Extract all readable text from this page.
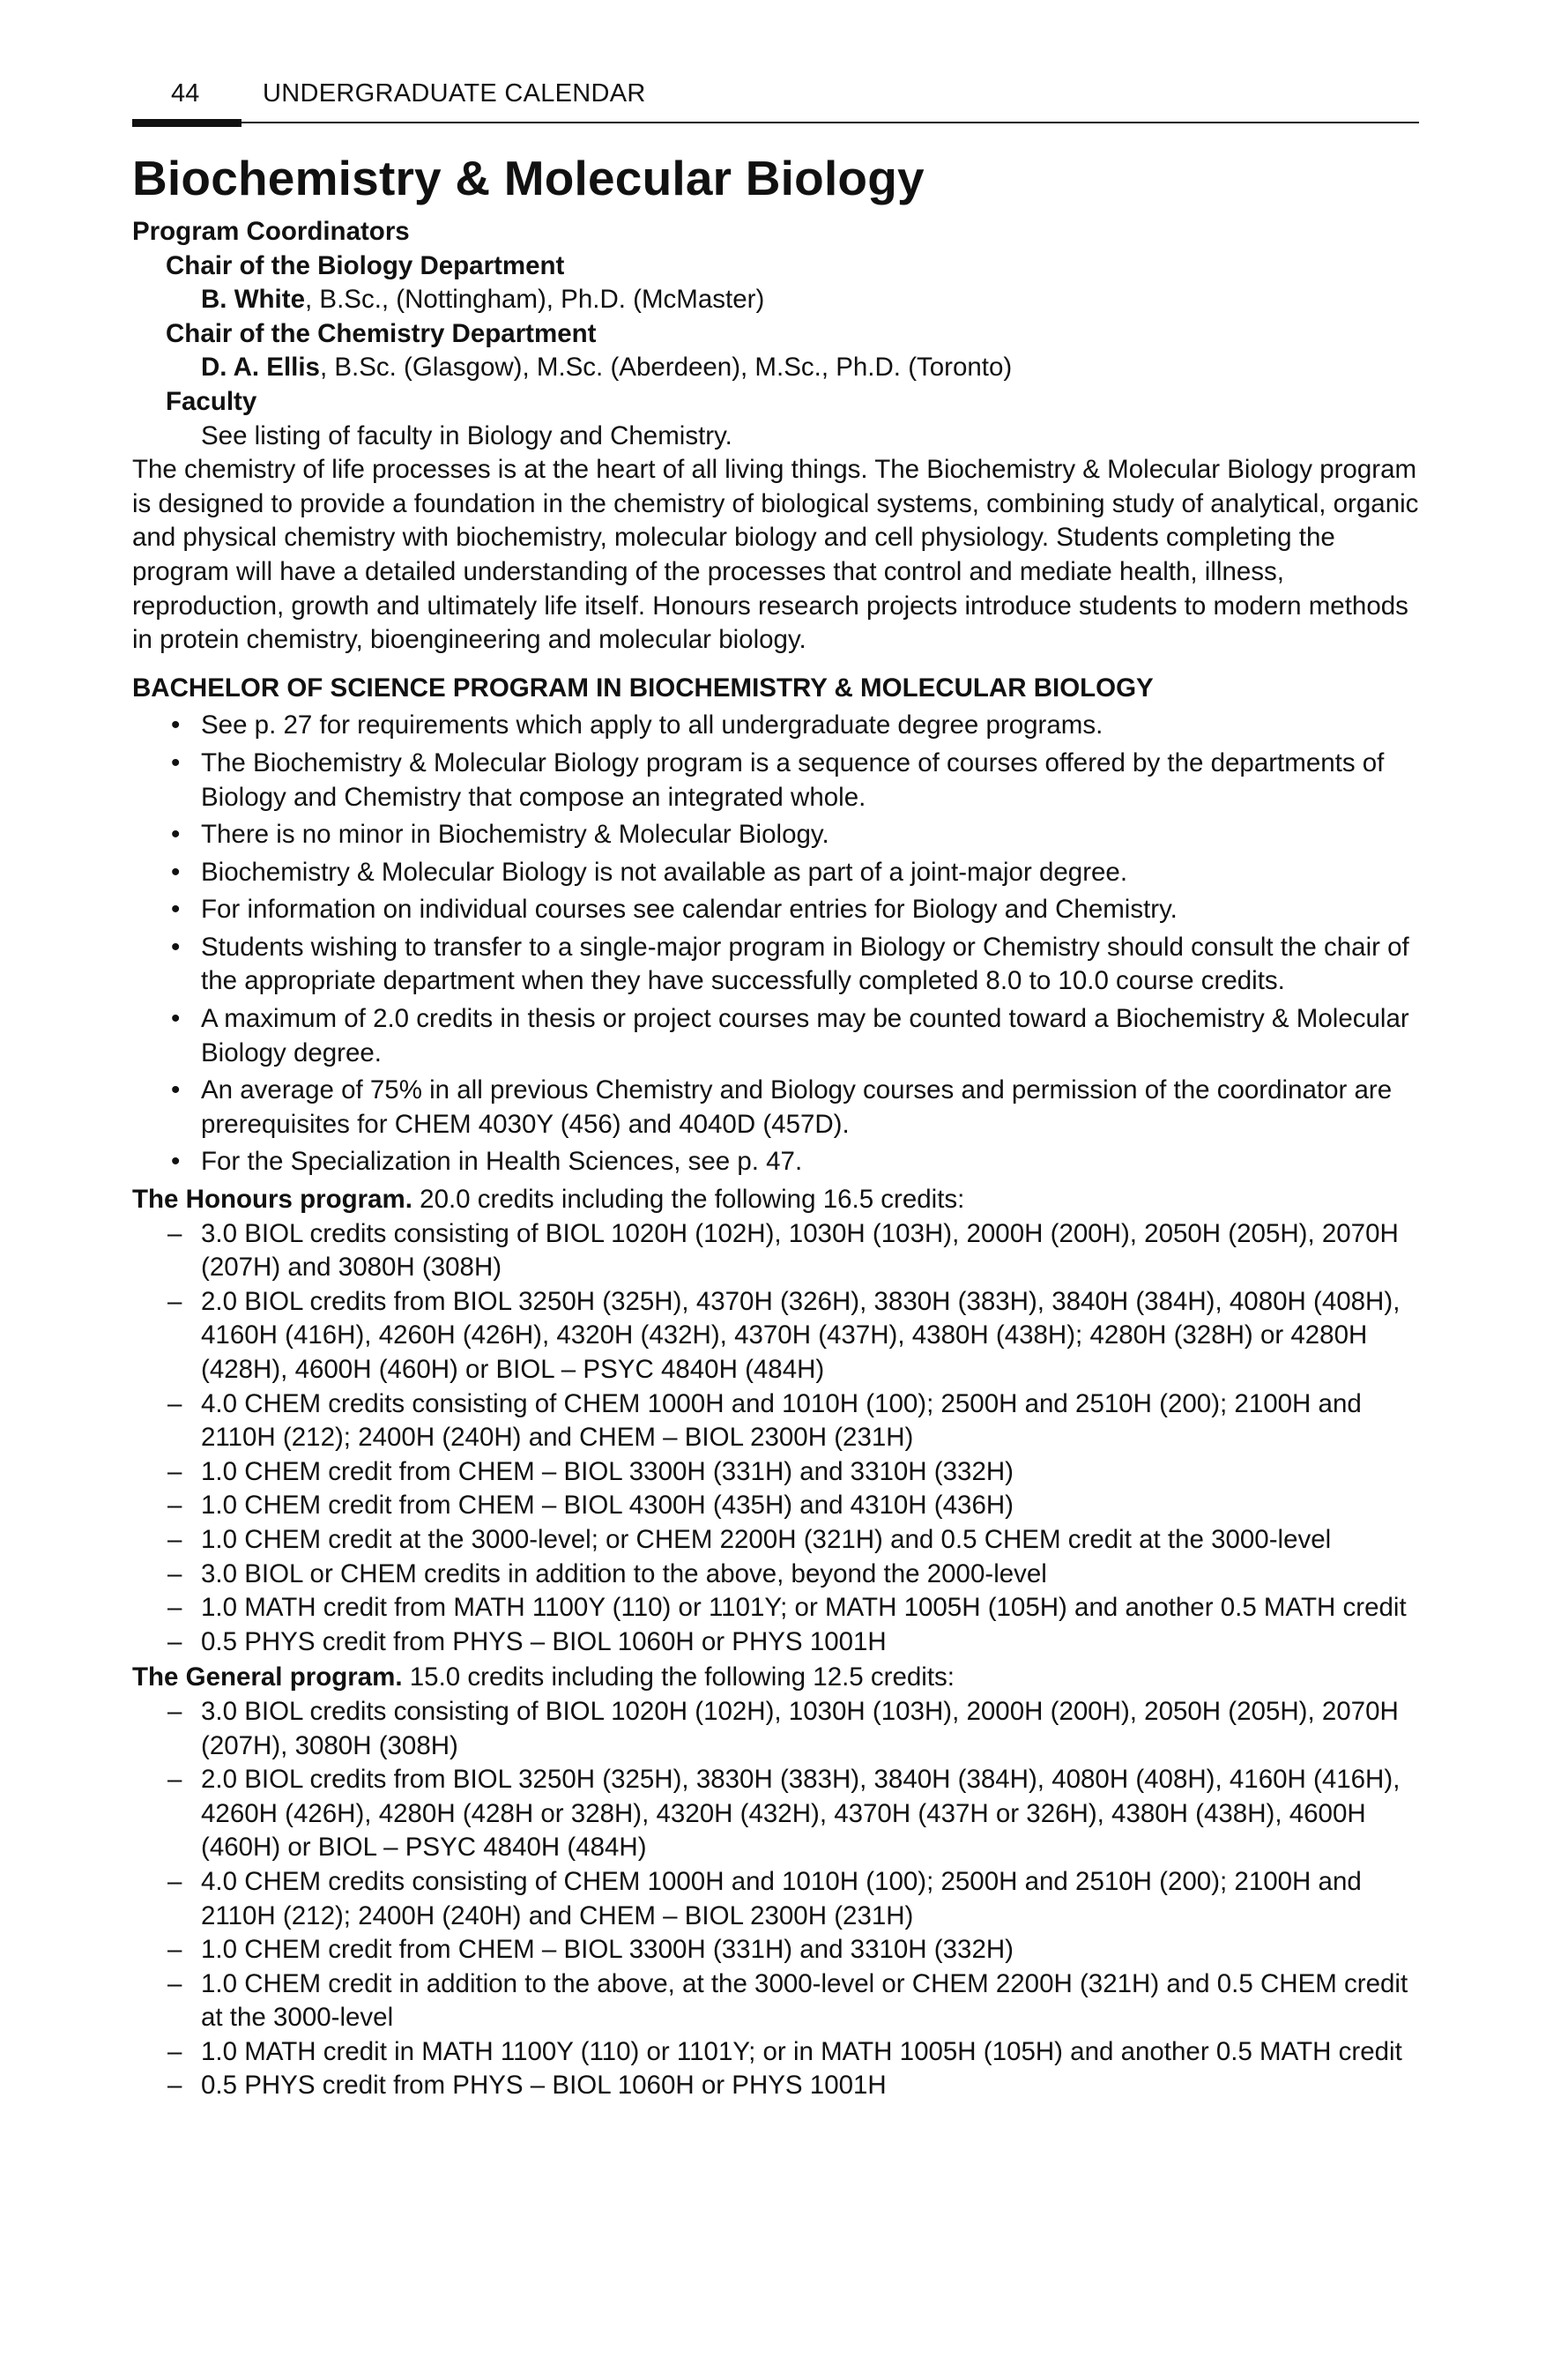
44 UNDERGRADUATE CALENDAR
Biochemistry & Molecular Biology

Program Coordinators

Chair of the Biology Department

B. White, B.Sc., (Nottingham), Ph.D. (McMaster)

Chair of the Chemistry Department

D. A. Ellis, B.Sc. (Glasgow), M.Sc. (Aberdeen), M.Sc., Ph.D. (Toronto)

Faculty

See listing of faculty in Biology and Chemistry.

The chemistry of life processes is at the heart of all living things. The Biochemistry & Molecular Biology program is designed to provide a foundation in the chemistry of biological systems, combining study of analytical, organic and physical chemistry with biochemistry, molecular biology and cell physiology. Students completing the program will have a detailed understanding of the processes that control and mediate health, illness, reproduction, growth and ultimately life itself. Honours research projects introduce students to modern methods in protein chemistry, bioengineering and molecular biology.

BACHELOR OF SCIENCE PROGRAM IN BIOCHEMISTRY & MOLECULAR BIOLOGY

• See p. 27 for requirements which apply to all undergraduate degree programs.
• The Biochemistry & Molecular Biology program is a sequence of courses offered by the departments of Biology and Chemistry that compose an integrated whole.
• There is no minor in Biochemistry & Molecular Biology.
• Biochemistry & Molecular Biology is not available as part of a joint-major degree.
• For information on individual courses see calendar entries for Biology and Chemistry.
• Students wishing to transfer to a single-major program in Biology or Chemistry should consult the chair of the appropriate department when they have successfully completed 8.0 to 10.0 course credits.
• A maximum of 2.0 credits in thesis or project courses may be counted toward a Biochemistry & Molecular Biology degree.
• An average of 75% in all previous Chemistry and Biology courses and permission of the coordinator are prerequisites for CHEM 4030Y (456) and 4040D (457D).
• For the Specialization in Health Sciences, see p. 47.

The Honours program. 20.0 credits including the following 16.5 credits:

– 3.0 BIOL credits consisting of BIOL 1020H (102H), 1030H (103H), 2000H (200H), 2050H (205H), 2070H (207H) and 3080H (308H)
– 2.0 BIOL credits from BIOL 3250H (325H), 4370H (326H), 3830H (383H), 3840H (384H), 4080H (408H), 4160H (416H), 4260H (426H), 4320H (432H), 4370H (437H), 4380H (438H); 4280H (328H) or 4280H (428H), 4600H (460H) or BIOL – PSYC 4840H (484H)
– 4.0 CHEM credits consisting of CHEM 1000H and 1010H (100); 2500H and 2510H (200); 2100H and 2110H (212); 2400H (240H) and CHEM – BIOL 2300H (231H)
– 1.0 CHEM credit from CHEM – BIOL 3300H (331H) and 3310H (332H)
– 1.0 CHEM credit from CHEM – BIOL 4300H (435H) and 4310H (436H)
– 1.0 CHEM credit at the 3000-level; or CHEM 2200H (321H) and 0.5 CHEM credit at the 3000-level
– 3.0 BIOL or CHEM credits in addition to the above, beyond the 2000-level
– 1.0 MATH credit from MATH 1100Y (110) or 1101Y; or MATH 1005H (105H) and another 0.5 MATH credit
– 0.5 PHYS credit from PHYS – BIOL 1060H or PHYS 1001H

The General program. 15.0 credits including the following 12.5 credits:

– 3.0 BIOL credits consisting of BIOL 1020H (102H), 1030H (103H), 2000H (200H), 2050H (205H), 2070H (207H), 3080H (308H)
– 2.0 BIOL credits from BIOL 3250H (325H), 3830H (383H), 3840H (384H), 4080H (408H), 4160H (416H), 4260H (426H), 4280H (428H or 328H), 4320H (432H), 4370H (437H or 326H), 4380H (438H), 4600H (460H) or BIOL – PSYC 4840H (484H)
– 4.0 CHEM credits consisting of CHEM 1000H and 1010H (100); 2500H and 2510H (200); 2100H and 2110H (212); 2400H (240H) and CHEM – BIOL 2300H (231H)
– 1.0 CHEM credit from CHEM – BIOL 3300H (331H) and 3310H (332H)
– 1.0 CHEM credit in addition to the above, at the 3000-level or CHEM 2200H (321H) and 0.5 CHEM credit at the 3000-level
– 1.0 MATH credit in MATH 1100Y (110) or 1101Y; or in MATH 1005H (105H) and another 0.5 MATH credit
– 0.5 PHYS credit from PHYS – BIOL 1060H or PHYS 1001H
